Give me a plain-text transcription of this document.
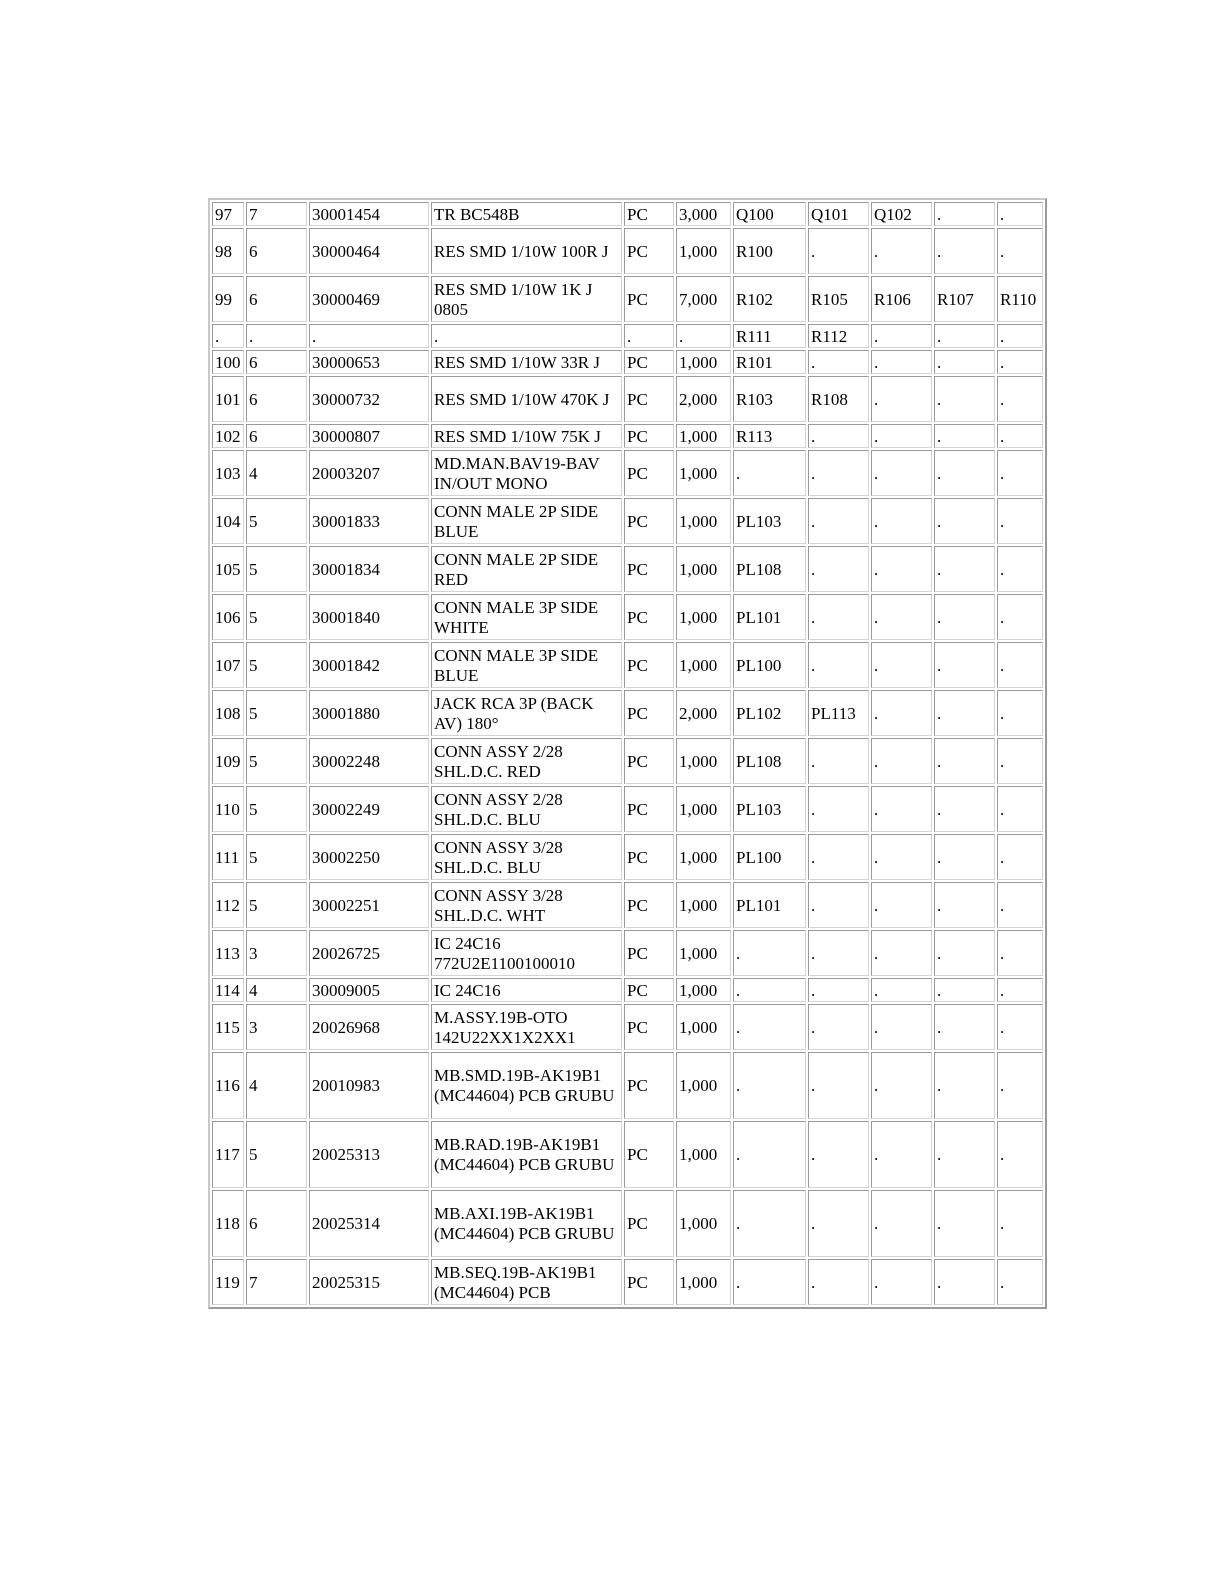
97	7	30001454	TR BC548B	PC	3,000	Q100	Q101	Q102	.	.
98	6	30000464	RES SMD 1/10W 100R J	PC	1,000	R100	.	.	.	.
99	6	30000469	RES SMD 1/10W 1K J 0805	PC	7,000	R102	R105	R106	R107	R110
.	.	.	.	.	.	R111	R112	.	.	.
100	6	30000653	RES SMD 1/10W 33R J	PC	1,000	R101	.	.	.	.
101	6	30000732	RES SMD 1/10W 470K J	PC	2,000	R103	R108	.	.	.
102	6	30000807	RES SMD 1/10W 75K J	PC	1,000	R113	.	.	.	.
103	4	20003207	MD.MAN.BAV19-BAV IN/OUT MONO	PC	1,000	.	.	.	.	.
104	5	30001833	CONN MALE 2P SIDE BLUE	PC	1,000	PL103	.	.	.	.
105	5	30001834	CONN MALE 2P SIDE RED	PC	1,000	PL108	.	.	.	.
106	5	30001840	CONN MALE 3P SIDE WHITE	PC	1,000	PL101	.	.	.	.
107	5	30001842	CONN MALE 3P SIDE BLUE	PC	1,000	PL100	.	.	.	.
108	5	30001880	JACK RCA 3P (BACK AV) 180°	PC	2,000	PL102	PL113	.	.	.
109	5	30002248	CONN ASSY 2/28 SHL.D.C. RED	PC	1,000	PL108	.	.	.	.
110	5	30002249	CONN ASSY 2/28 SHL.D.C. BLU	PC	1,000	PL103	.	.	.	.
111	5	30002250	CONN ASSY 3/28 SHL.D.C. BLU	PC	1,000	PL100	.	.	.	.
112	5	30002251	CONN ASSY 3/28 SHL.D.C. WHT	PC	1,000	PL101	.	.	.	.
113	3	20026725	IC 24C16 772U2E1100100010	PC	1,000	.	.	.	.	.
114	4	30009005	IC 24C16	PC	1,000	.	.	.	.	.
115	3	20026968	M.ASSY.19B-OTO 142U22XX1X2XX1	PC	1,000	.	.	.	.	.
116	4	20010983	MB.SMD.19B-AK19B1 (MC44604) PCB GRUBU	PC	1,000	.	.	.	.	.
117	5	20025313	MB.RAD.19B-AK19B1 (MC44604) PCB GRUBU	PC	1,000	.	.	.	.	.
118	6	20025314	MB.AXI.19B-AK19B1 (MC44604) PCB GRUBU	PC	1,000	.	.	.	.	.
119	7	20025315	MB.SEQ.19B-AK19B1 (MC44604) PCB	PC	1,000	.	.	.	.	.
